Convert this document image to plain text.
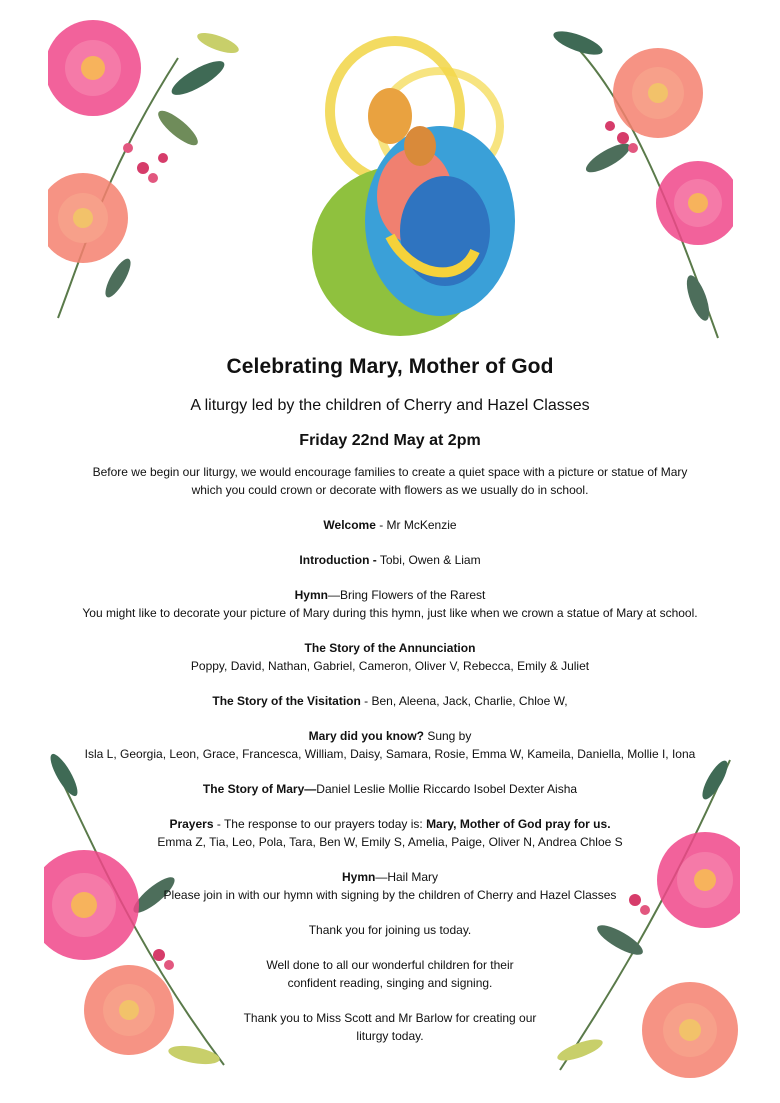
Celebrating Mary, Mother of God
A liturgy led by the children of Cherry and Hazel Classes
Friday 22nd May at 2pm
Before we begin our liturgy, we would encourage families to create a quiet space with a picture or statue of Mary
which you could crown or decorate with flowers as we usually do in school.
Welcome - Mr McKenzie
Introduction - Tobi, Owen & Liam
Hymn—Bring Flowers of the Rarest
You might like to decorate your picture of Mary during this hymn, just like when we crown a statue of Mary at school.
The Story of the Annunciation
Poppy, David, Nathan, Gabriel, Cameron, Oliver V, Rebecca, Emily & Juliet
The Story of the Visitation - Ben, Aleena, Jack, Charlie, Chloe W,
Mary did you know? Sung by
Isla L, Georgia, Leon, Grace, Francesca, William, Daisy, Samara, Rosie, Emma W, Kameila, Daniella, Mollie I, Iona
The Story of Mary—Daniel Leslie Mollie Riccardo Isobel Dexter Aisha
Prayers - The response to our prayers today is: Mary, Mother of God pray for us.
Emma Z, Tia, Leo, Pola, Tara, Ben W, Emily S, Amelia, Paige, Oliver N, Andrea Chloe S
Hymn—Hail Mary
Please join in with our hymn with signing by the children of Cherry and Hazel Classes
Thank you for joining us today.
Well done to all our wonderful children for their
confident reading, singing and signing.
Thank you to Miss Scott and Mr Barlow for creating our
liturgy today.
